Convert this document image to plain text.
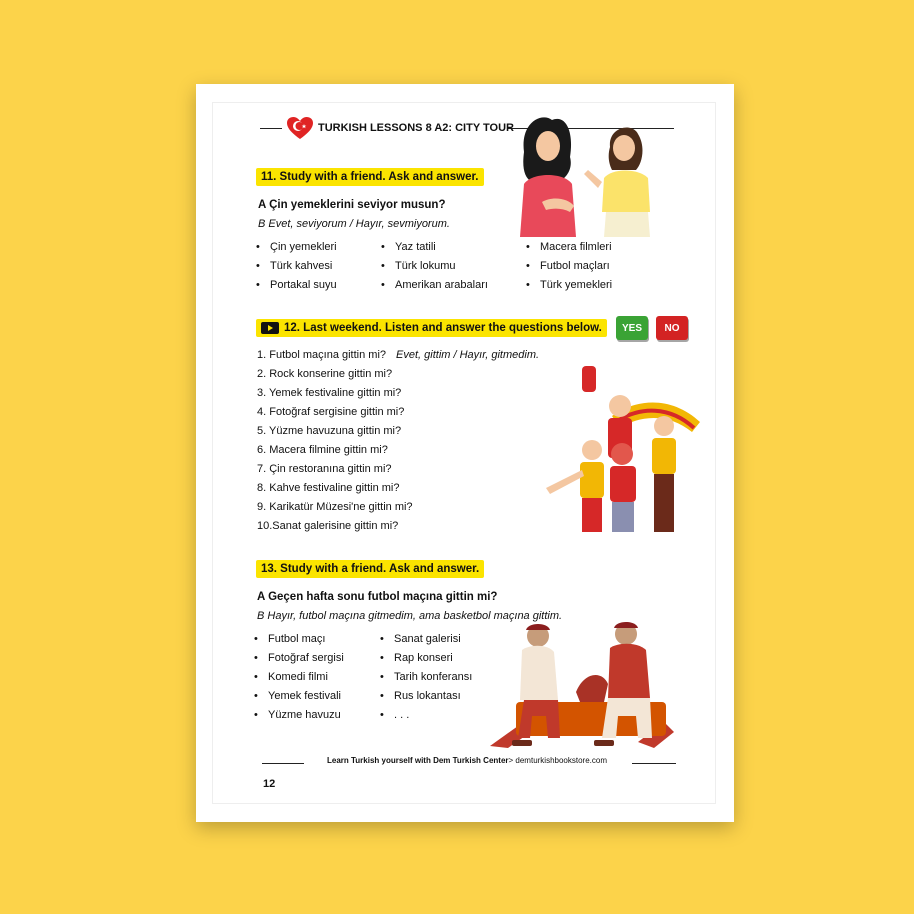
TURKISH LESSONS 8 A2: CITY TOUR
11. Study with a friend. Ask and answer.
A Çin yemeklerini seviyor musun?
B Evet, seviyorum / Hayır, sevmiyorum.
• Çin yemekleri
• Türk kahvesi
• Portakal suyu
• Yaz tatili
• Türk lokumu
• Amerikan arabaları
• Macera filmleri
• Futbol maçları
• Türk yemekleri
12. Last weekend. Listen and answer the questions below.	YES	NO
1. Futbol maçına gittin mi? Evet, gittim / Hayır, gitmedim.
2. Rock konserine gittin mi?
3. Yemek festivaline gittin mi?
4. Fotoğraf sergisine gittin mi?
5. Yüzme havuzuna gittin mi?
6. Macera filmine gittin mi?
7. Çin restoranına gittin mi?
8. Kahve festivaline gittin mi?
9. Karikatür Müzesi'ne gittin mi?
10.Sanat galerisine gittin mi?
13. Study with a friend. Ask and answer.
A Geçen hafta sonu futbol maçına gittin mi?
B Hayır, futbol maçına gitmedim, ama basketbol maçına gittim.
• Futbol maçı
• Fotoğraf sergisi
• Komedi filmi
• Yemek festivali
• Yüzme havuzu
• Sanat galerisi
• Rap konseri
• Tarih konferansı
• Rus lokantası
• . . .
Learn Turkish yourself with Dem Turkish Center > demturkishbookstore.com
12
